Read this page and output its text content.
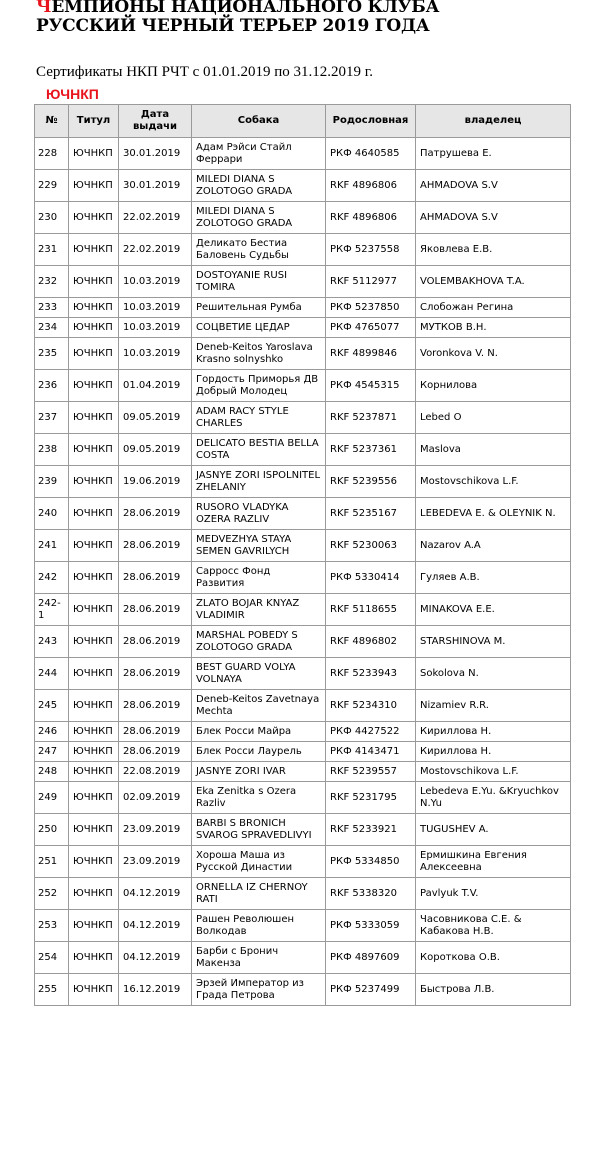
ЧЕМПИОНЫ НАЦИОНАЛЬНОГО КЛУБА
РУССКИЙ ЧЕРНЫЙ ТЕРЬЕР 2019 ГОДА
Сертификаты НКП РЧТ с 01.01.2019 по 31.12.2019 г.
ЮЧНКП
№	Титул	Дата выдачи	Собака	Родословная	владелец
228	ЮЧНКП	30.01.2019	Адам Рэйси Стайл Феррари	РКФ 4640585	Патрушева Е.
229	ЮЧНКП	30.01.2019	MILEDI DIANA S ZOLOTOGO GRADA	RKF 4896806	AHMADOVA S.V
230	ЮЧНКП	22.02.2019	MILEDI DIANA S ZOLOTOGO GRADA	RKF 4896806	AHMADOVA S.V
231	ЮЧНКП	22.02.2019	Деликато Бестиа Баловень Судьбы	РКФ 5237558	Яковлева Е.В.
232	ЮЧНКП	10.03.2019	DOSTOYANIE RUSI TOMIRA	RKF 5112977	VOLEMBAKHOVA T.A.
233	ЮЧНКП	10.03.2019	Решительная Румба	РКФ 5237850	Слобожан Регина
234	ЮЧНКП	10.03.2019	СОЦВЕТИЕ ЦЕДАР	РКФ 4765077	МУТКОВ В.Н.
235	ЮЧНКП	10.03.2019	Deneb-Keitos Yaroslava Krasno solnyshko	RKF 4899846	Voronkova V. N.
236	ЮЧНКП	01.04.2019	Гордость Приморья ДВ Добрый Молодец	РКФ 4545315	Корнилова
237	ЮЧНКП	09.05.2019	ADAM RACY STYLE CHARLES	RKF 5237871	Lebed O
238	ЮЧНКП	09.05.2019	DELICATO BESTIA BELLA COSTA	RKF 5237361	Maslova
239	ЮЧНКП	19.06.2019	JASNYE ZORI ISPOLNITEL ZHELANIY	RKF 5239556	Mostovschikova L.F.
240	ЮЧНКП	28.06.2019	RUSORO VLADYKA OZERA RAZLIV	RKF 5235167	LEBEDEVA E. & OLEYNIK N.
241	ЮЧНКП	28.06.2019	MEDVEZHYA STAYA SEMEN GAVRILYCH	RKF 5230063	Nazarov A.A
242	ЮЧНКП	28.06.2019	Сарросс Фонд Развития	РКФ 5330414	Гуляев А.В.
242-1	ЮЧНКП	28.06.2019	ZLATO BOJAR KNYAZ VLADIMIR	RKF 5118655	MINAKOVA E.E.
243	ЮЧНКП	28.06.2019	MARSHAL POBEDY S ZOLOTOGO GRADA	RKF 4896802	STARSHINOVA M.
244	ЮЧНКП	28.06.2019	BEST GUARD VOLYA VOLNAYA	RKF 5233943	Sokolova N.
245	ЮЧНКП	28.06.2019	Deneb-Keitos Zavetnaya Mechta	RKF 5234310	Nizamiev R.R.
246	ЮЧНКП	28.06.2019	Блек Росси Майра	РКФ 4427522	Кириллова Н.
247	ЮЧНКП	28.06.2019	Блек Росси Лаурель	РКФ 4143471	Кириллова Н.
248	ЮЧНКП	22.08.2019	JASNYE ZORI IVAR	RKF 5239557	Mostovschikova L.F.
249	ЮЧНКП	02.09.2019	Eka Zenitka s Ozera Razliv	RKF 5231795	Lebedeva E.Yu. &Kryuchkov N.Yu
250	ЮЧНКП	23.09.2019	BARBI S BRONICH SVAROG SPRAVEDLIVYI	RKF 5233921	TUGUSHEV A.
251	ЮЧНКП	23.09.2019	Хороша Маша из Русской Династии	РКФ 5334850	Ермишкина Евгения Алексеевна
252	ЮЧНКП	04.12.2019	ORNELLA IZ CHERNOY RATI	RKF 5338320	Pavlyuk T.V.
253	ЮЧНКП	04.12.2019	Рашен Революшен Волкодав	РКФ 5333059	Часовникова С.Е. & Кабакова Н.В.
254	ЮЧНКП	04.12.2019	Барби с Бронич Макенза	РКФ 4897609	Короткова О.В.
255	ЮЧНКП	16.12.2019	Эрзей Император из Града Петрова	РКФ 5237499	Быстрова Л.В.
